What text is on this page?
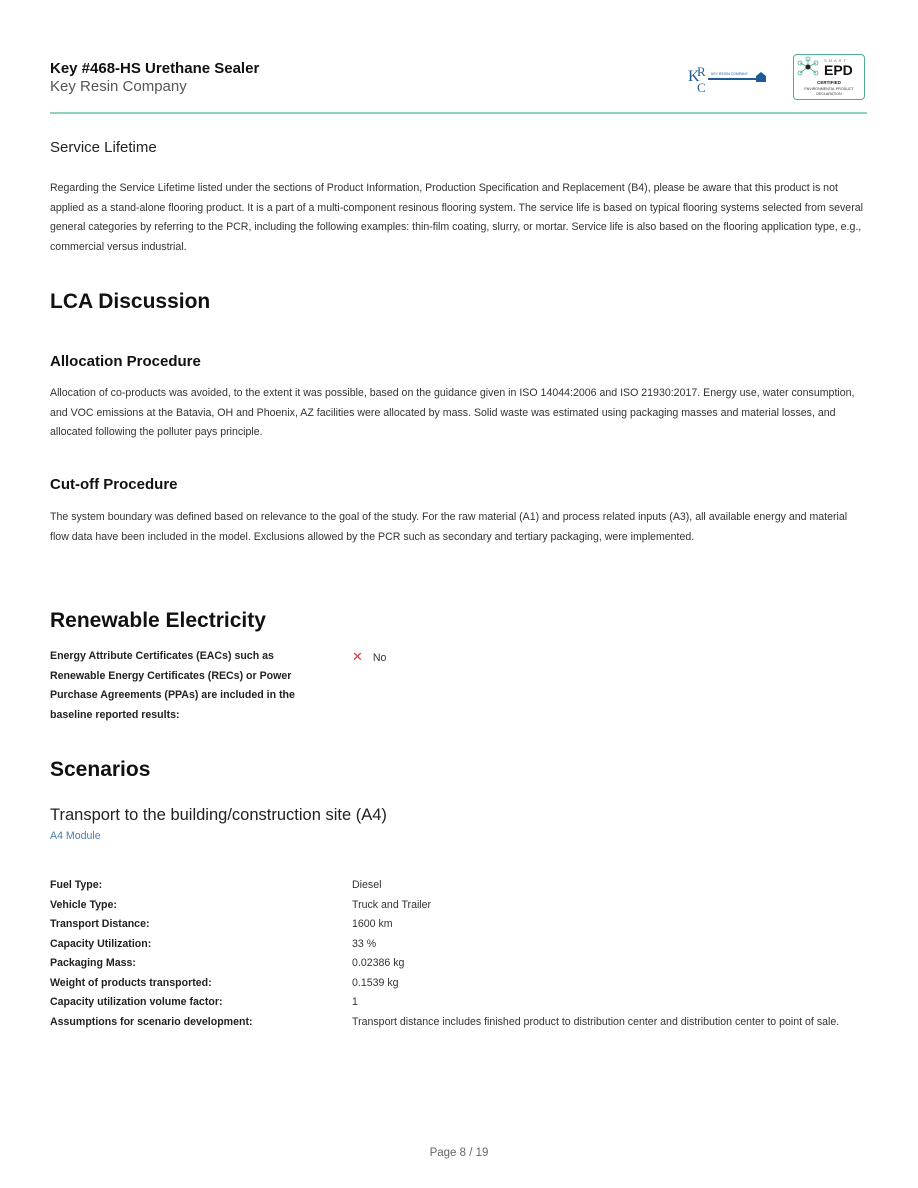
Key #468-HS Urethane Sealer
Key Resin Company
K
R
C
KEY RESIN COMPANY
SMART
EPD
CERTIFIED
ENVIRONMENTAL PRODUCT
DECLARATION
Service Lifetime
Regarding the Service Lifetime listed under the sections of Product Information, Production Specification and Replacement (B4), please be aware that this product is not applied as a stand-alone flooring product. It is a part of a multi-component resinous flooring system. The service life is based on typical flooring systems selected from several general categories by referring to the PCR, including the following examples: thin-film coating, slurry, or mortar. Service life is also based on the flooring application type, e.g., commercial versus industrial.
LCA Discussion
Allocation Procedure
Allocation of co-products was avoided, to the extent it was possible, based on the guidance given in ISO 14044:2006 and ISO 21930:2017. Energy use, water consumption, and VOC emissions at the Batavia, OH and Phoenix, AZ facilities were allocated by mass. Solid waste was estimated using packaging masses and material losses, and allocated following the polluter pays principle.
Cut-off Procedure
The system boundary was defined based on relevance to the goal of the study. For the raw material (A1) and process related inputs (A3), all available energy and material flow data have been included in the model. Exclusions allowed by the PCR such as secondary and tertiary packaging, were implemented.
Renewable Electricity
Energy Attribute Certificates (EACs) such as Renewable Energy Certificates (RECs) or Power Purchase Agreements (PPAs) are included in the baseline reported results:
✕ No
Scenarios
Transport to the building/construction site (A4)
A4 Module
Fuel Type:	Diesel
Vehicle Type:	Truck and Trailer
Transport Distance:	1600 km
Capacity Utilization:	33 %
Packaging Mass:	0.02386 kg
Weight of products transported:	0.1539 kg
Capacity utilization volume factor:	1
Assumptions for scenario development:	Transport distance includes finished product to distribution center and distribution center to point of sale.
Page 8 / 19
